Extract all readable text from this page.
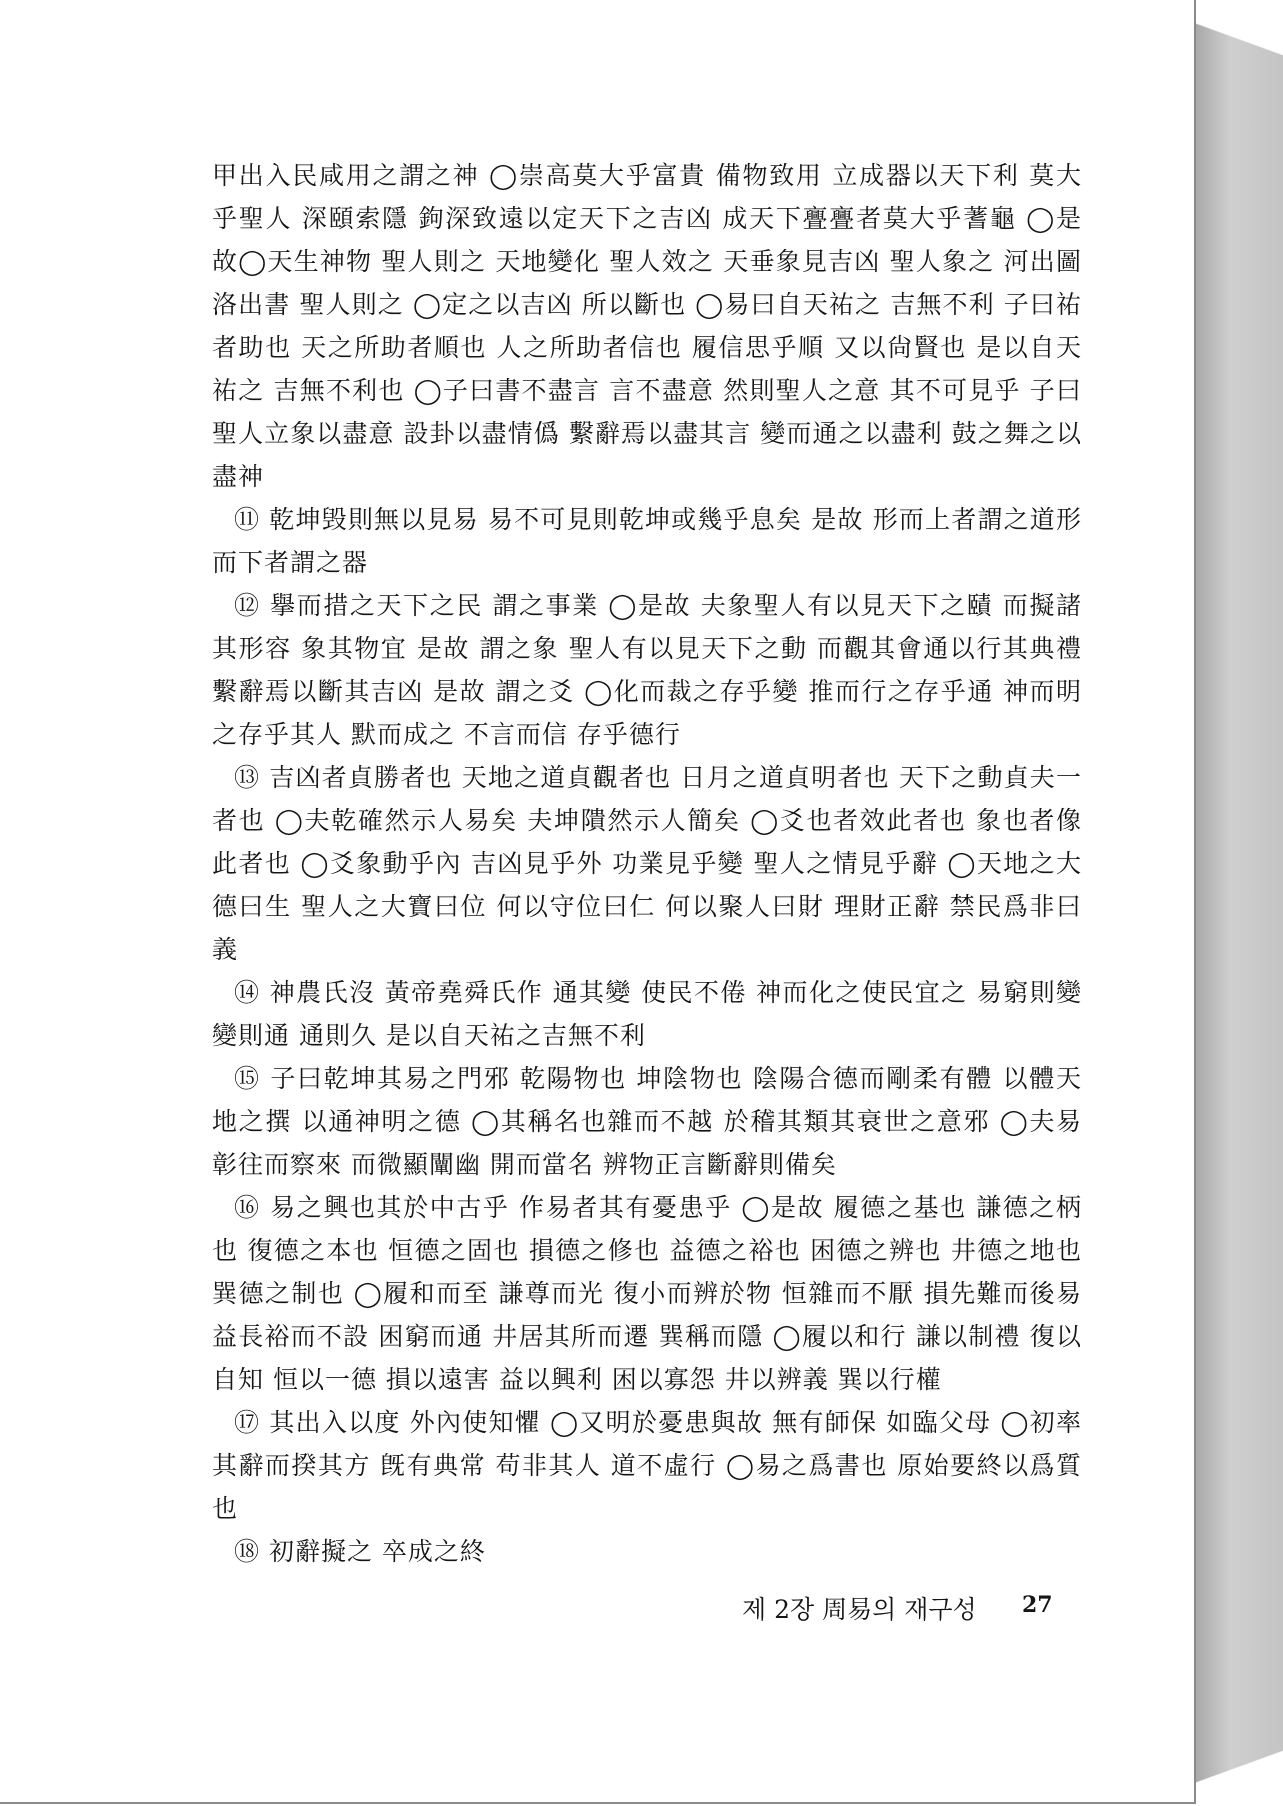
甲出入民咸用之謂之神 ◯崇高莫大乎富貴 備物致用 立成器以天下利 莫大乎聖人 深頤索隱 鉤深致遠以定天下之吉凶 成天下亹亹者莫大乎蓍龜 ◯是故◯天生神物 聖人則之 天地變化 聖人效之 天垂象見吉凶 聖人象之 河出圖洛出書 聖人則之 ◯定之以吉凶 所以斷也 ◯易曰自天祐之 吉無不利 子曰祐者助也 天之所助者順也 人之所助者信也 履信思乎順 又以尙賢也 是以自天祐之 吉無不利也 ◯子曰書不盡言 言不盡意 然則聖人之意 其不可見乎 子曰聖人立象以盡意 設卦以盡情僞 繫辭焉以盡其言 變而通之以盡利 鼓之舞之以盡神

⑪ 乾坤毁則無以見易 易不可見則乾坤或幾乎息矣 是故 形而上者謂之道形而下者謂之器

⑫ 擧而措之天下之民 謂之事業 ◯是故 夫象聖人有以見天下之賾 而擬諸其形容 象其物宜 是故 謂之象 聖人有以見天下之動 而觀其會通以行其典禮 繫辭焉以斷其吉凶 是故 謂之爻 ◯化而裁之存乎變 推而行之存乎通 神而明之存乎其人 默而成之 不言而信 存乎德行

⑬ 吉凶者貞勝者也 天地之道貞觀者也 日月之道貞明者也 天下之動貞夫一者也 ◯夫乾確然示人易矣 夫坤隤然示人簡矣 ◯爻也者效此者也 象也者像此者也 ◯爻象動乎內 吉凶見乎外 功業見乎變 聖人之情見乎辭 ◯天地之大德曰生 聖人之大寶曰位 何以守位曰仁 何以聚人曰財 理財正辭 禁民爲非曰義

⑭ 神農氏沒 黃帝堯舜氏作 通其變 使民不倦 神而化之使民宜之 易窮則變變則通 通則久 是以自天祐之吉無不利

⑮ 子曰乾坤其易之門邪 乾陽物也 坤陰物也 陰陽合德而剛柔有體 以體天地之撰 以通神明之德 ◯其稱名也雜而不越 於稽其類其衰世之意邪 ◯夫易彰往而察來 而微顯闡幽 開而當名 辨物正言斷辭則備矣

⑯ 易之興也其於中古乎 作易者其有憂患乎 ◯是故 履德之基也 謙德之柄也 復德之本也 恒德之固也 損德之修也 益德之裕也 困德之辨也 井德之地也 巽德之制也 ◯履和而至 謙尊而光 復小而辨於物 恒雜而不厭 損先難而後易 益長裕而不設 困窮而通 井居其所而遷 巽稱而隱 ◯履以和行 謙以制禮 復以自知 恒以一德 損以遠害 益以興利 困以寡怨 井以辨義 巽以行權

⑰ 其出入以度 外內使知懼 ◯又明於憂患與故 無有師保 如臨父母 ◯初率其辭而揆其方 旣有典常 苟非其人 道不虛行 ◯易之爲書也 原始要終以爲質也

⑱ 初辭擬之 卒成之終

제 2장 周易의 재구성 27
